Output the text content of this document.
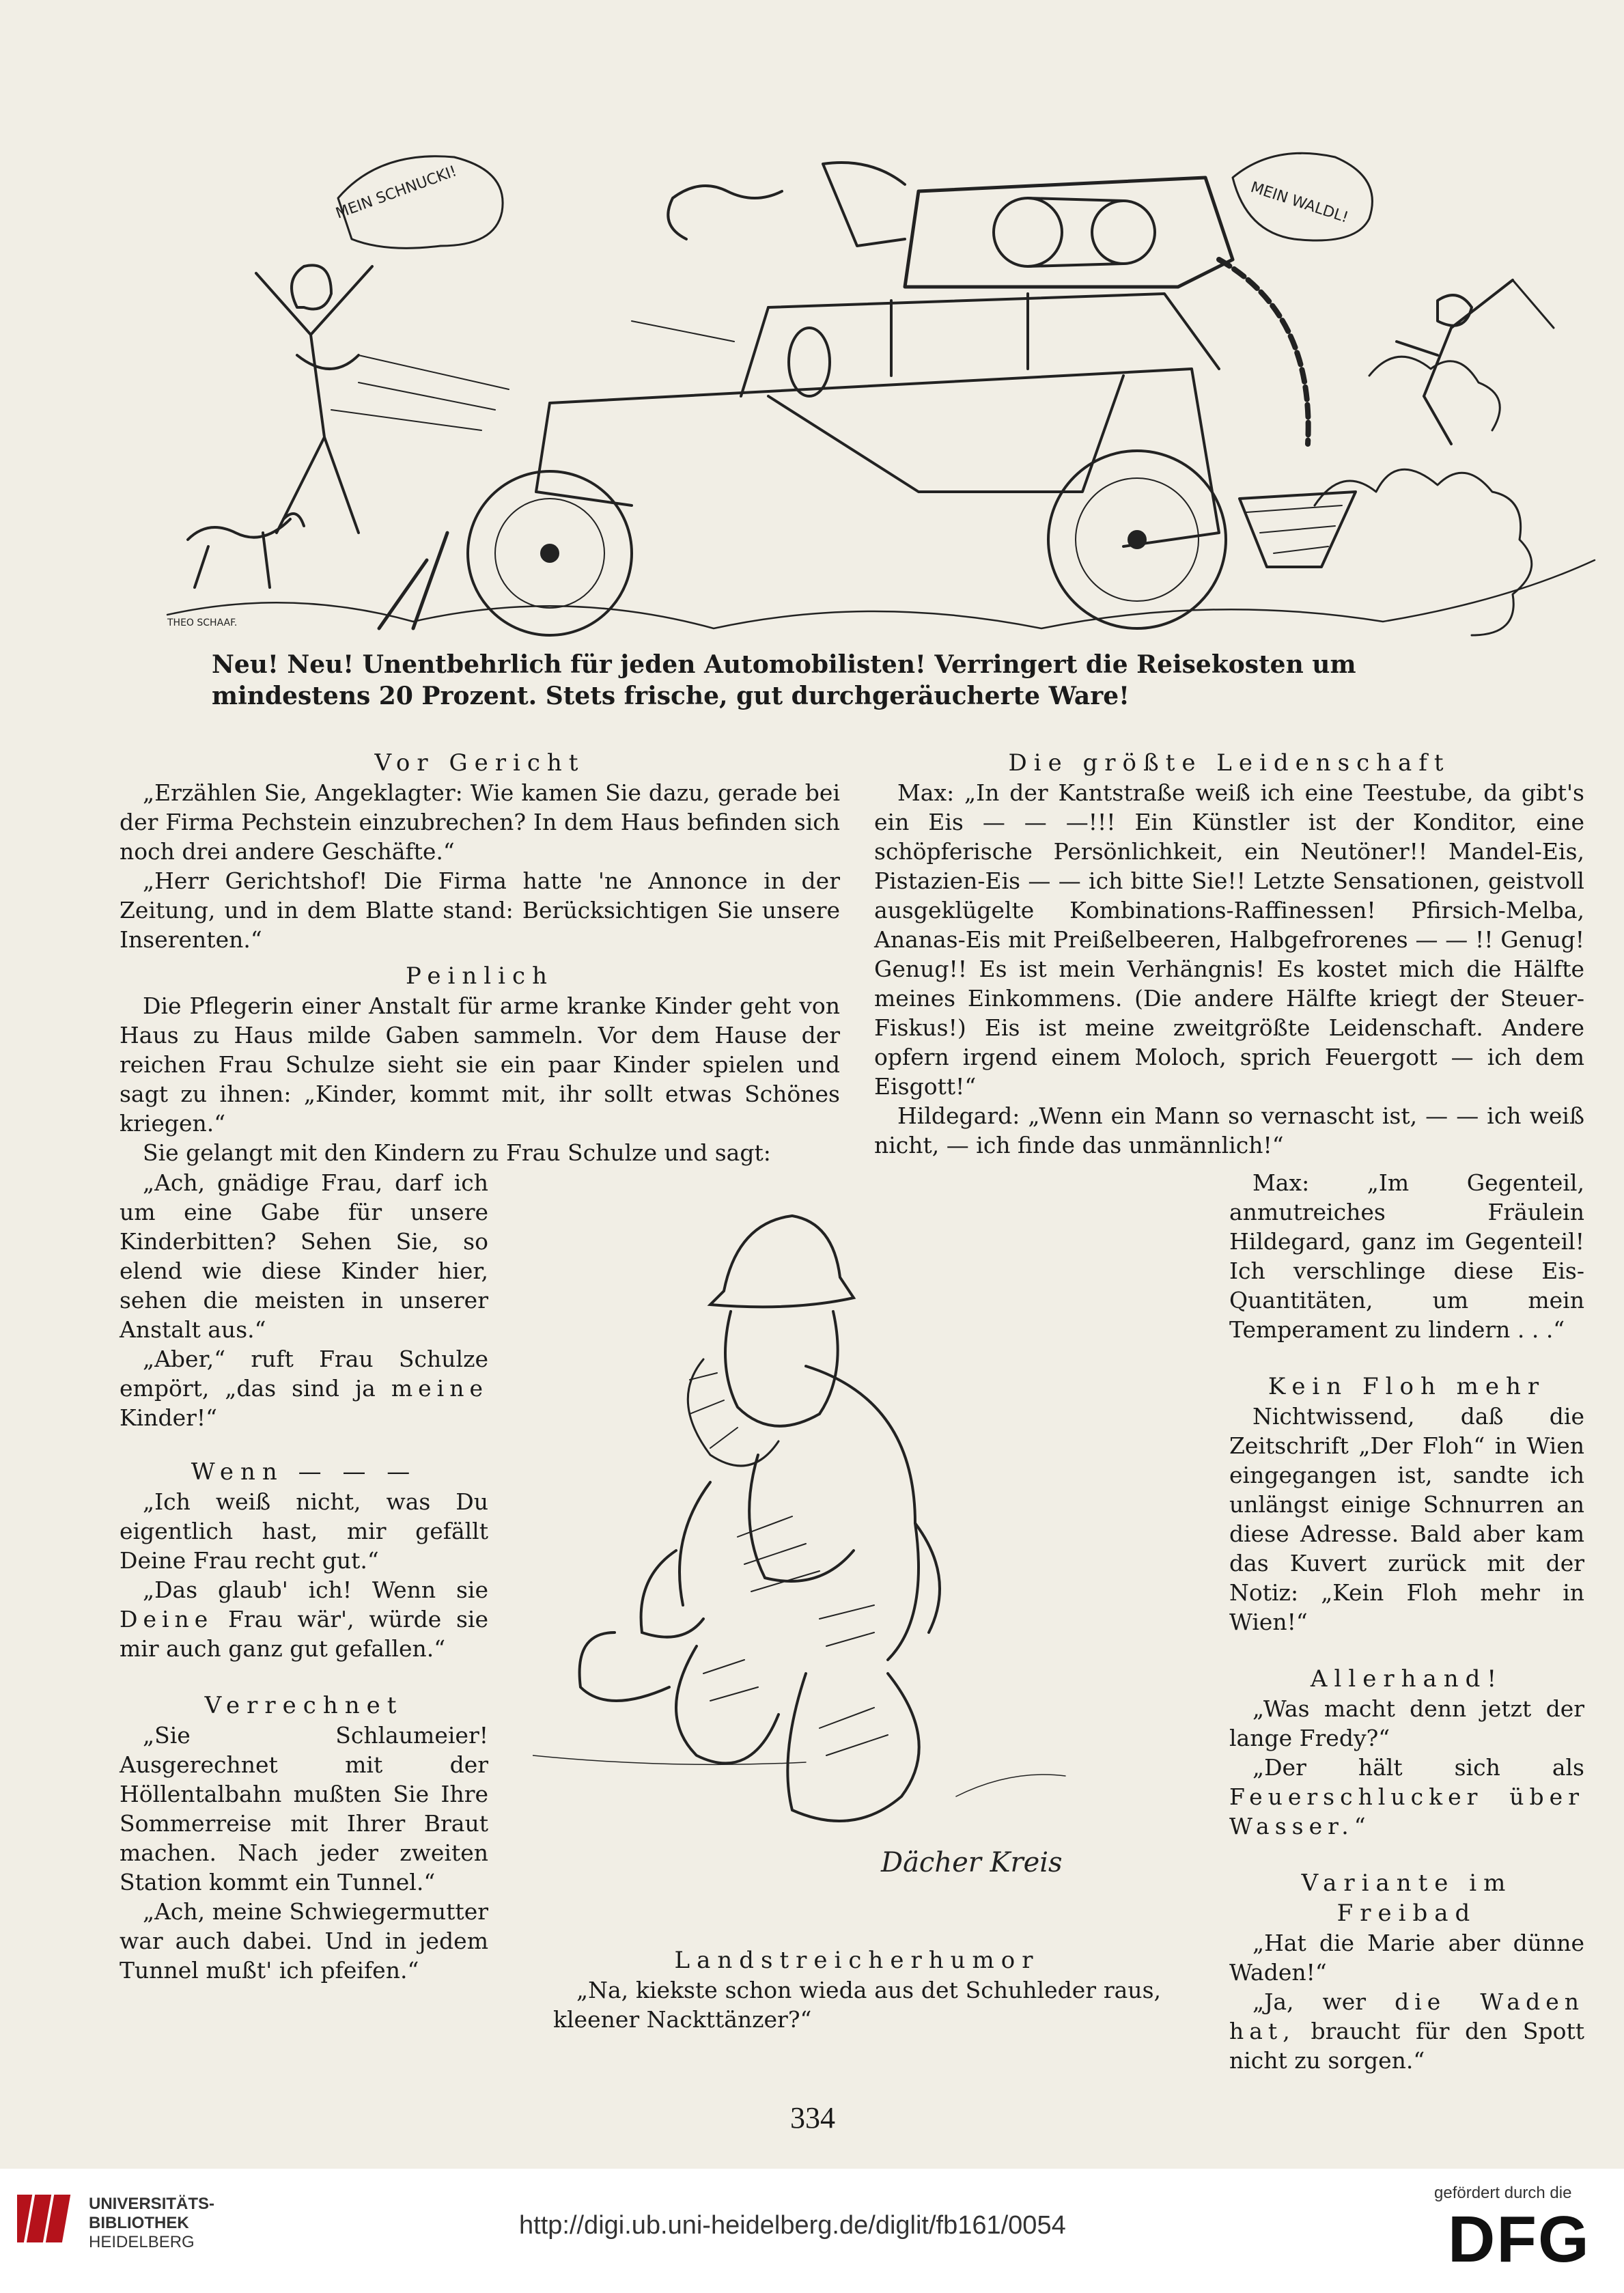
MEIN SCHNUCKI!	MEIN WALDL!
THEO SCHAAF.
Neu! Neu! Unentbehrlich für jeden Automobilisten! Verringert die Reisekosten um mindestens 20 Prozent. Stets frische, gut durchgeräucherte Ware!

Vor Gericht

„Erzählen Sie, Angeklagter: Wie kamen Sie dazu, gerade bei der Firma Pechstein einzubrechen? In dem Haus befinden sich noch drei andere Geschäfte.“

„Herr Gerichtshof! Die Firma hatte 'ne Annonce in der Zeitung, und in dem Blatte stand: Berücksichtigen Sie unsere Inserenten.“

Peinlich

Die Pflegerin einer Anstalt für arme kranke Kinder geht von Haus zu Haus milde Gaben sammeln. Vor dem Hause der reichen Frau Schulze sieht sie ein paar Kinder spielen und sagt zu ihnen: „Kinder, kommt mit, ihr sollt etwas Schönes kriegen.“

Sie gelangt mit den Kindern zu Frau Schulze und sagt:

„Ach, gnädige Frau, darf ich um eine Gabe für unsere Kinderbitten? Sehen Sie, so elend wie diese Kinder hier, sehen die meisten in unserer Anstalt aus.“

„Aber,“ ruft Frau Schulze empört, „das sind ja meine Kinder!“

Wenn — — —

„Ich weiß nicht, was Du eigentlich hast, mir gefällt Deine Frau recht gut.“

„Das glaub' ich! Wenn sie Deine Frau wär', würde sie mir auch ganz gut gefallen.“

Verrechnet

„Sie Schlaumeier! Ausgerechnet mit der Höllentalbahn mußten Sie Ihre Sommerreise mit Ihrer Braut machen. Nach jeder zweiten Station kommt ein Tunnel.“

„Ach, meine Schwiegermutter war auch dabei. Und in jedem Tunnel mußt' ich pfeifen.“

Dächer Kreis

Landstreicherhumor

„Na, kiekste schon wieda aus det Schuhleder raus, kleener Nackttänzer?“

Die größte Leidenschaft

Max: „In der Kantstraße weiß ich eine Teestube, da gibt's ein Eis — — —!!! Ein Künstler ist der Konditor, eine schöpferische Persönlichkeit, ein Neutöner!! Mandel-Eis, Pistazien-Eis — — ich bitte Sie!! Letzte Sensationen, geistvoll ausgeklügelte Kombinations-Raffinessen! Pfirsich-Melba, Ananas-Eis mit Preißelbeeren, Halbgefrorenes — — !! Genug! Genug!! Es ist mein Verhängnis! Es kostet mich die Hälfte meines Einkommens. (Die andere Hälfte kriegt der Steuer-Fiskus!) Eis ist meine zweitgrößte Leidenschaft. Andere opfern irgend einem Moloch, sprich Feuergott — ich dem Eisgott!“

Hildegard: „Wenn ein Mann so vernascht ist, — — ich weiß nicht, — ich finde das unmännlich!“

Max: „Im Gegenteil, anmutreiches Fräulein Hildegard, ganz im Gegenteil! Ich verschlinge diese Eis-Quantitäten, um mein Temperament zu lindern . . .“

Kein Floh mehr

Nichtwissend, daß die Zeitschrift „Der Floh“ in Wien eingegangen ist, sandte ich unlängst einige Schnurren an diese Adresse. Bald aber kam das Kuvert zurück mit der Notiz: „Kein Floh mehr in Wien!“

Allerhand!

„Was macht denn jetzt der lange Fredy?“

„Der hält sich als Feuerschlucker über Wasser.“

Variante im Freibad

„Hat die Marie aber dünne Waden!“

„Ja, wer die Waden hat, braucht für den Spott nicht zu sorgen.“

334
UNIVERSITÄTS-
BIBLIOTHEK
HEIDELBERG
http://digi.ub.uni-heidelberg.de/diglit/fb161/0054
gefördert durch die
DFG
